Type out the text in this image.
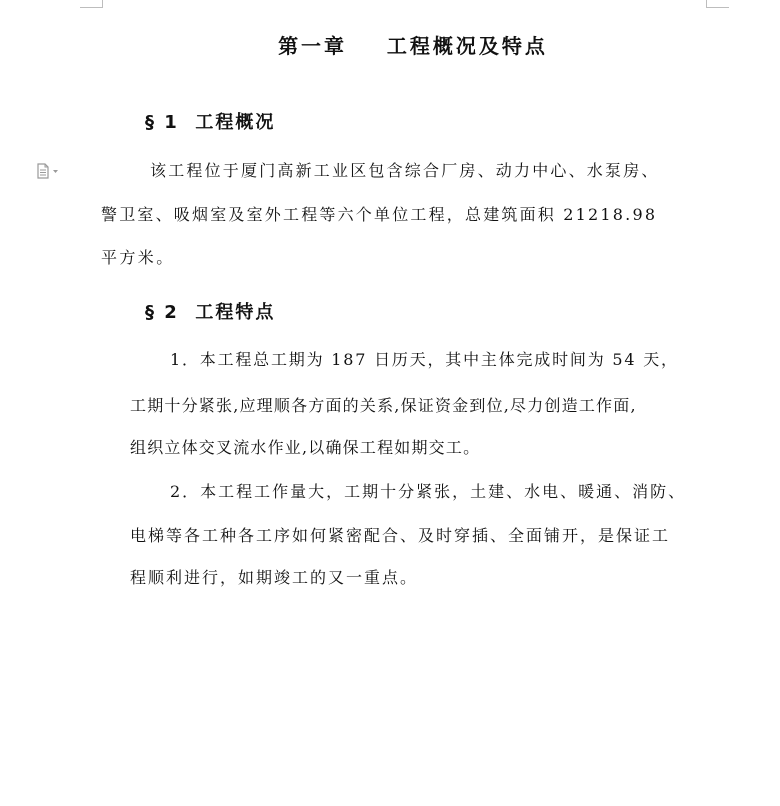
第一章    工程概况及特点
§ 1  工程概况
该工程位于厦门高新工业区包含综合厂房、动力中心、水泵房、
警卫室、吸烟室及室外工程等六个单位工程，总建筑面积 21218.98
平方米。
§ 2  工程特点
1．本工程总工期为 187 日历天，其中主体完成时间为 54 天，
工期十分紧张,应理顺各方面的关系,保证资金到位,尽力创造工作面,
组织立体交叉流水作业,以确保工程如期交工。
2．本工程工作量大，工期十分紧张，土建、水电、暖通、消防、
电梯等各工种各工序如何紧密配合、及时穿插、全面铺开，是保证工
程顺利进行，如期竣工的又一重点。
